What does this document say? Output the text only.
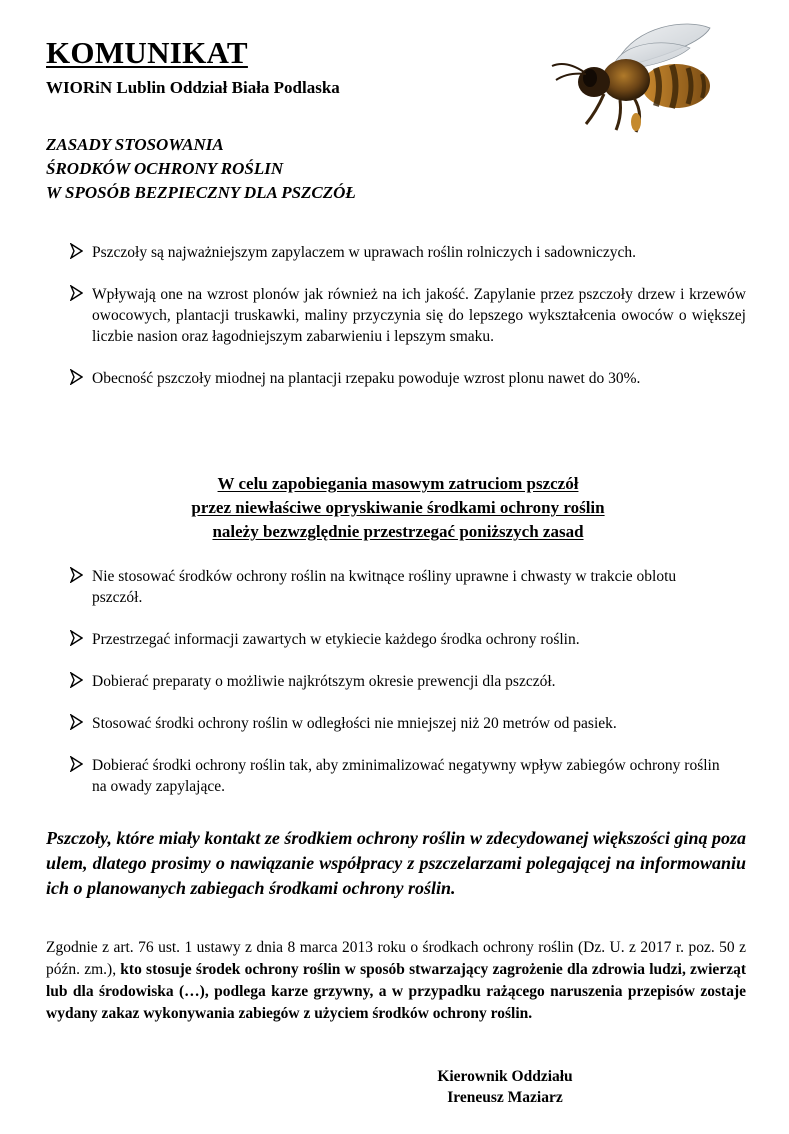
KOMUNIKAT
WIORiN Lublin Oddział Biała Podlaska
ZASADY STOSOWANIA
ŚRODKÓW OCHRONY ROŚLIN
W SPOSÓB BEZPIECZNY DLA PSZCZÓŁ
Pszczoły są najważniejszym zapylaczem w uprawach roślin rolniczych i sadowniczych.
Wpływają one na wzrost plonów jak również na ich jakość. Zapylanie przez pszczoły drzew i krzewów owocowych, plantacji truskawki, maliny przyczynia się do lepszego wykształcenia owoców o większej liczbie nasion oraz łagodniejszym zabarwieniu i lepszym smaku.
Obecność pszczoły miodnej na plantacji rzepaku powoduje wzrost plonu nawet do 30%.
W celu zapobiegania masowym zatruciom pszczół
przez niewłaściwe opryskiwanie środkami ochrony roślin
należy bezwzględnie przestrzegać poniższych zasad
Nie stosować środków ochrony roślin na kwitnące rośliny uprawne i chwasty w trakcie oblotu pszczół.
Przestrzegać informacji zawartych w etykiecie każdego środka ochrony roślin.
Dobierać preparaty o możliwie najkrótszym okresie prewencji dla pszczół.
Stosować środki ochrony roślin w odległości nie mniejszej niż 20 metrów od pasiek.
Dobierać środki ochrony roślin tak, aby zminimalizować negatywny wpływ zabiegów ochrony roślin na owady zapylające.

Pszczoły, które miały kontakt ze środkiem ochrony roślin w zdecydowanej większości giną poza ulem, dlatego prosimy o nawiązanie współpracy z pszczelarzami polegającej na informowaniu ich o planowanych zabiegach środkami ochrony roślin.

Zgodnie z art. 76 ust. 1 ustawy z dnia 8 marca 2013 roku o środkach ochrony roślin (Dz. U. z 2017 r. poz. 50 z późn. zm.), kto stosuje środek ochrony roślin w sposób stwarzający zagrożenie dla zdrowia ludzi, zwierząt lub dla środowiska (…), podlega karze grzywny, a w przypadku rażącego naruszenia przepisów zostaje wydany zakaz wykonywania zabiegów z użyciem środków ochrony roślin.

Kierownik Oddziału
Ireneusz Maziarz
